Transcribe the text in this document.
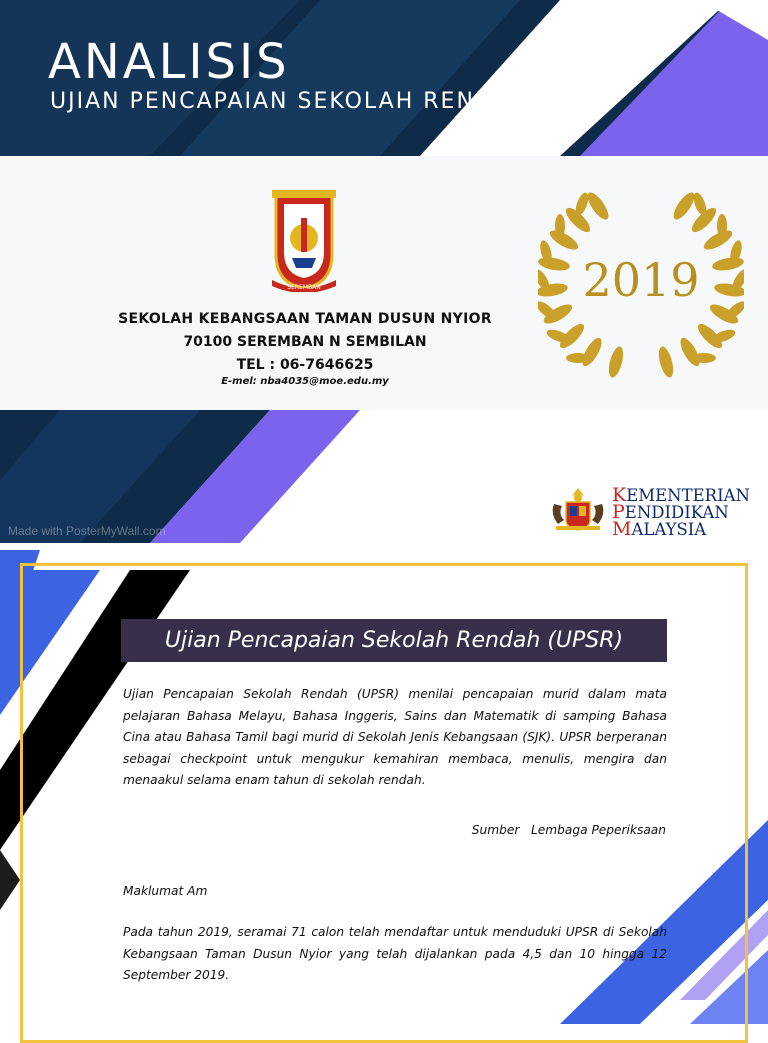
ANALISIS
UJIAN PENCAPAIAN SEKOLAH RENDAH
SEREMBAN
SEKOLAH KEBANGSAAN TAMAN DUSUN NYIOR
70100 SEREMBAN N SEMBILAN
TEL : 06-7646625
E-mel: nba4035@moe.edu.my
2019
Made with PosterMyWall.com
KEMENTERIAN
PENDIDIKAN
MALAYSIA
Ujian Pencapaian Sekolah Rendah (UPSR)
Ujian Pencapaian Sekolah Rendah (UPSR) menilai pencapaian murid dalam mata pelajaran Bahasa Melayu, Bahasa Inggeris, Sains dan Matematik di samping Bahasa Cina atau Bahasa Tamil bagi murid di Sekolah Jenis Kebangsaan (SJK). UPSR berperanan sebagai checkpoint untuk mengukur kemahiran membaca, menulis, mengira dan menaakul selama enam tahun di sekolah rendah.
Sumber   Lembaga Peperiksaan
Maklumat Am
Pada tahun 2019, seramai 71 calon telah mendaftar untuk menduduki UPSR di Sekolah Kebangsaan Taman Dusun Nyior yang telah dijalankan pada 4,5 dan 10 hingga 12 September 2019.
